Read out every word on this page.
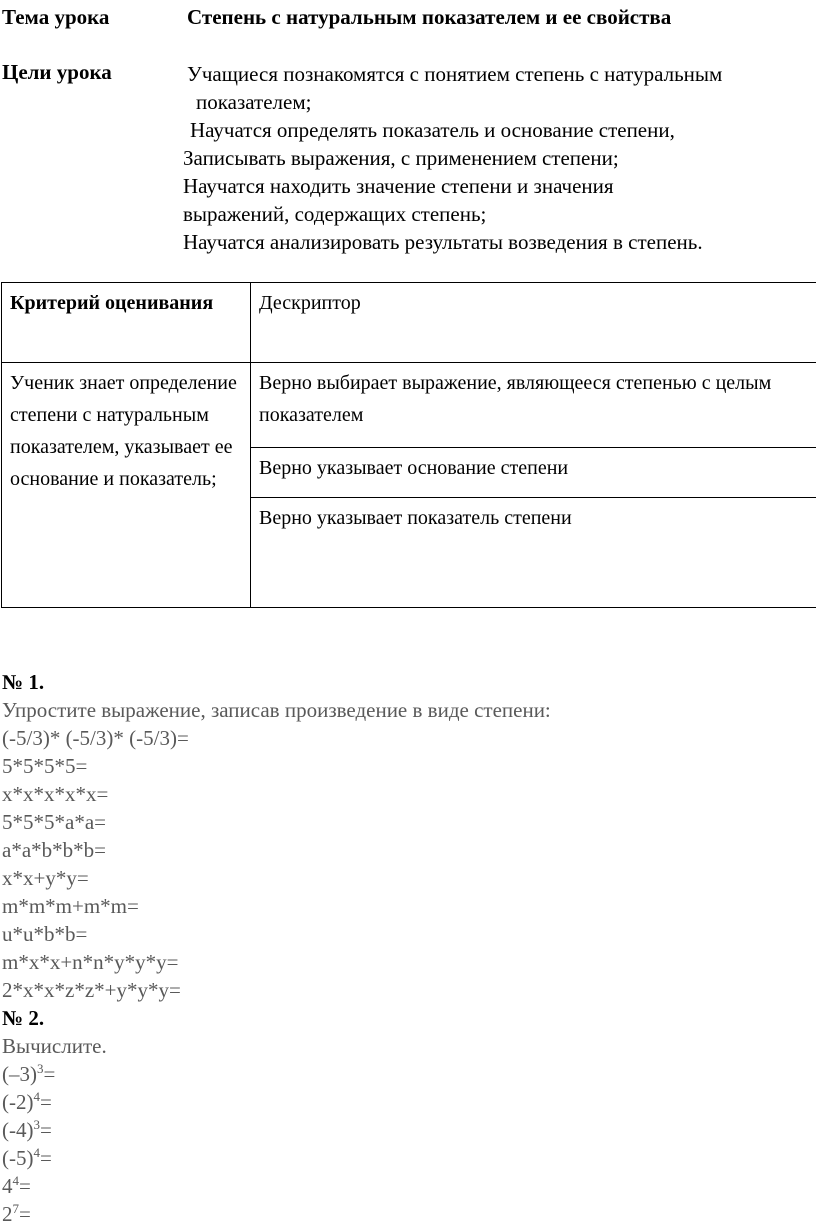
Тема урока	Степень с натуральным показателем и ее свойства
Цели урока	Учащиеся познакомятся с понятием степень с натуральным
показателем;
Научатся определять показатель и основание степени,
Записывать выражения, с применением степени;
Научатся находить значение степени и значения
выражений, содержащих степень;
Научатся анализировать результаты возведения в степень.
Критерий оценивания	Дескриптор
Ученик знает определение степени с натуральным показателем, указывает ее основание и показатель;	Верно выбирает выражение, являющееся степенью с целым показателем
	Верно указывает основание степени
	Верно указывает показатель степени
№ 1.
Упростите выражение, записав произведение в виде степени:
(-5/3)* (-5/3)* (-5/3)=
5*5*5*5=
x*x*x*x*x=
5*5*5*a*a=
a*a*b*b*b=
x*x+y*y=
m*m*m+m*m=
u*u*b*b=
m*x*x+n*n*y*y*y=
2*x*x*z*z*+y*y*y=
№ 2.
Вычислите.
$(-3)^3=$
$(-2)^4=$
$(-4)^3=$
$(-5)^4=$
$4^4=$
$2^7=$
